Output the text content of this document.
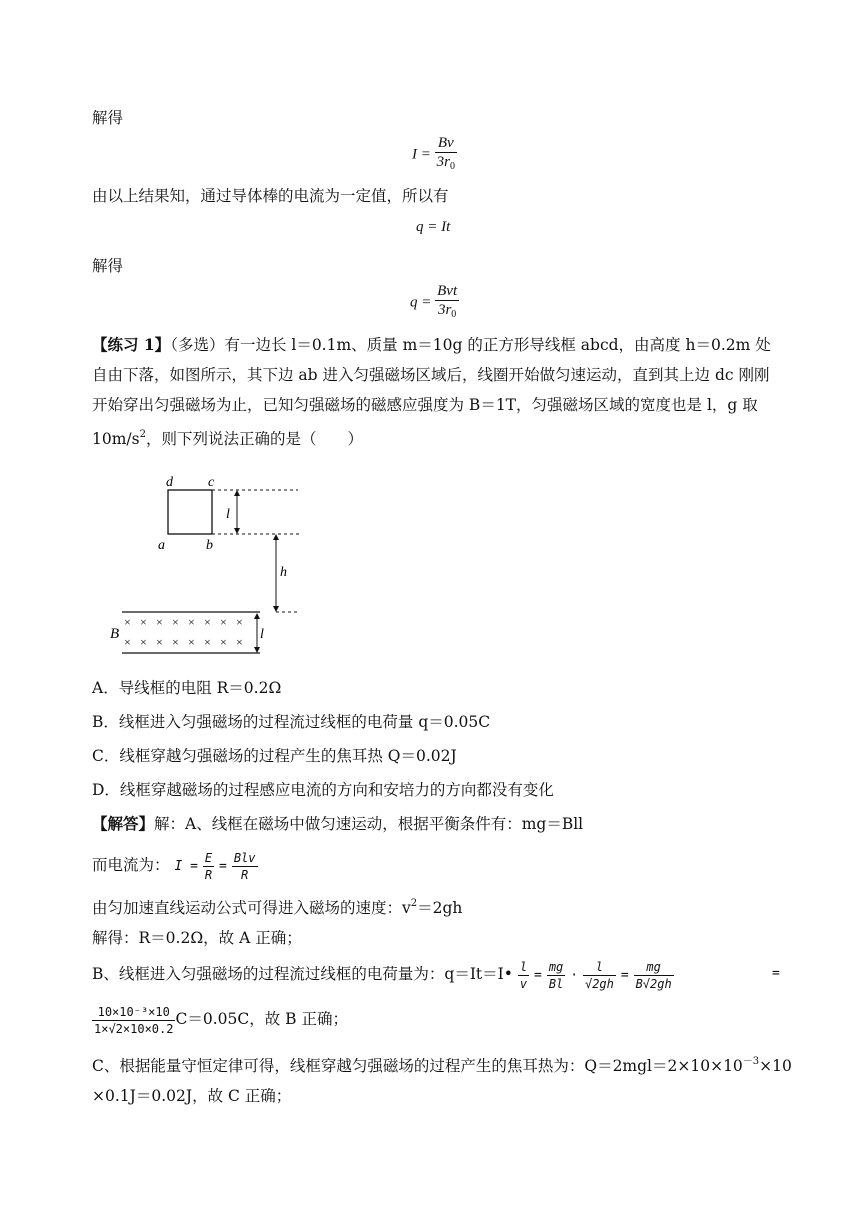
解得
$I = \frac{Bv}{3r_0}$
由以上结果知，通过导体棒的电流为一定值，所以有
q = It
解得
$q = \frac{\text{Bvt}}{3r_0}$
【练习 1】（多选）有一边长 l＝0.1m、质量 m＝10g 的正方形导线框 abcd，由高度 h＝0.2m 处自由下落，如图所示，其下边 ab 进入匀强磁场区域后，线圈开始做匀速运动，直到其上边 dc 刚刚开始穿出匀强磁场为止，已知匀强磁场的磁感应强度为 B＝1T，匀强磁场区域的宽度也是 l，g 取 $10m/s^2$，则下列说法正确的是（　　）
d	c
a	b
l
h
× × × × × × × ×
× × × × × × × × l
B
A．导线框的电阻 R＝0.2Ω
B．线框进入匀强磁场的过程流过线框的电荷量 q＝0.05C
C．线框穿越匀强磁场的过程产生的焦耳热 Q＝0.02J
D．线框穿越磁场的过程感应电流的方向和安培力的方向都没有变化
【解答】解：A、线框在磁场中做匀速运动，根据平衡条件有：mg＝Bll
而电流为： $I = \frac{E}{R} = \frac{\text{Blv}}{R}$
由匀加速直线运动公式可得进入磁场的速度：$v^2=2gh$
解得：R＝0.2Ω，故 A 正确；
B、线框进入匀强磁场的过程流过线框的电荷量为：q＝It＝I• $\frac{l}{v} = \frac{mg}{Bl} \cdot \frac{l}{√2gh} = \frac{mg}{B√2gh}$	=
$\frac{\text{10×10⁻³×10}}{1\times√2\times 10\times 0.2} C=0.05C$，故 B 正确；
C、根据能量守恒定律可得，线框穿越匀强磁场的过程产生的焦耳热为：$Q=2mgl=2\times 10\times 10^{-3}\times 10$
×0.1J＝0.02J，故 C 正确；
